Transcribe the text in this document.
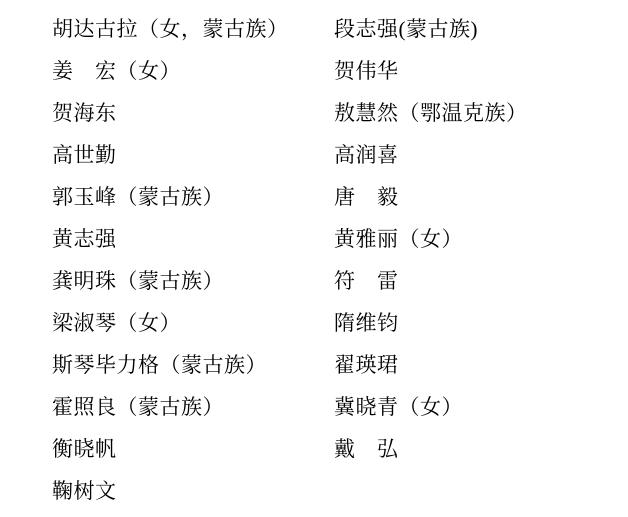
胡达古拉（女，蒙古族）	段志强(蒙古族)
姜　宏（女）	贺伟华
贺海东	敖慧然（鄂温克族）
高世勤	高润喜
郭玉峰（蒙古族）	唐　毅
黄志强	黄雅丽（女）
龚明珠（蒙古族）	符　雷
梁淑琴（女）	隋维钧
斯琴毕力格（蒙古族）	翟瑛珺
霍照良（蒙古族）	冀晓青（女）
衡晓帆	戴　弘
鞠树文
